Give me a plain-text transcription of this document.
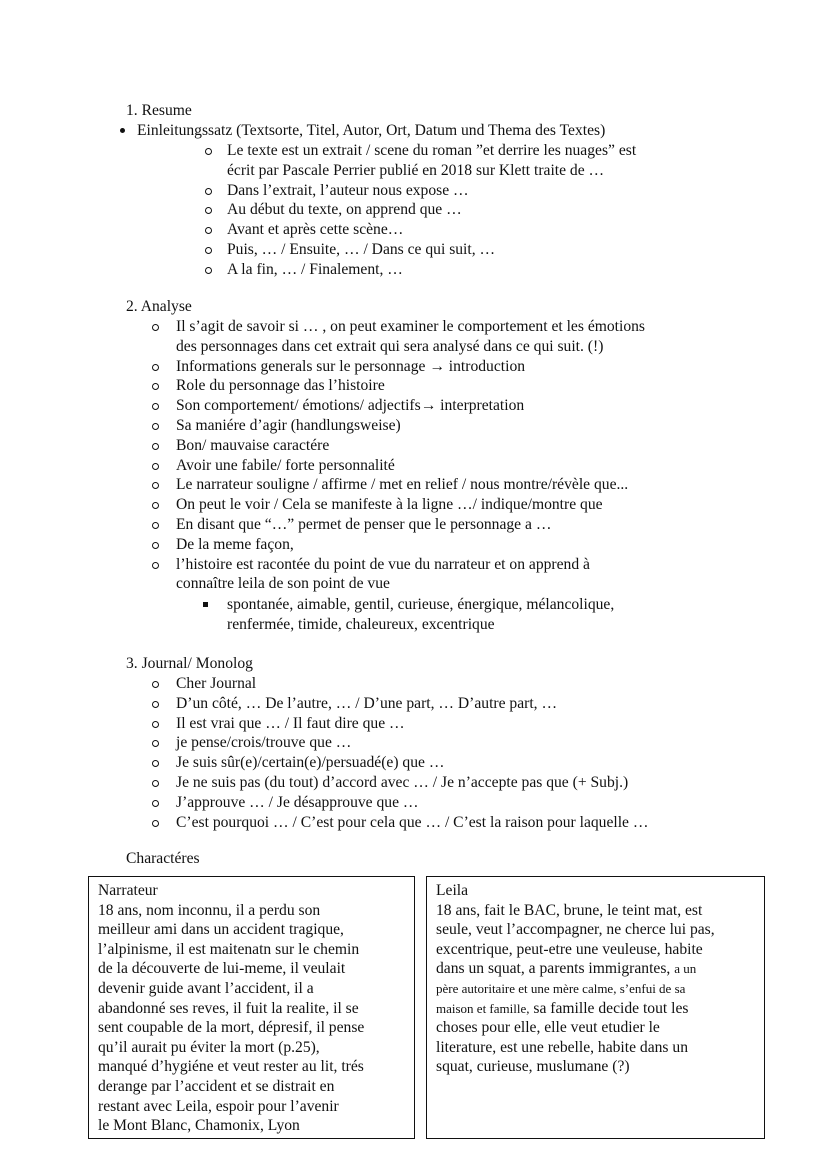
1. Resume
Einleitungssatz (Textsorte, Titel, Autor, Ort, Datum und Thema des Textes)
Le texte est un extrait / scene du roman ”et derrire les nuages” est
écrit par Pascale Perrier publié en 2018 sur Klett traite de …
Dans l’extrait, l’auteur nous expose …
Au début du texte, on apprend que …
Avant et après cette scène…
Puis, … / Ensuite, … / Dans ce qui suit, …
A la fin, … / Finalement, …
2. Analyse
Il s’agit de savoir si … , on peut examiner le comportement et les émotions
des personnages dans cet extrait qui sera analysé dans ce qui suit. (!)
Informations generals sur le personnage → introduction
Role du personnage das l’histoire
Son comportement/ émotions/ adjectifs→ interpretation
Sa maniére d’agir (handlungsweise)
Bon/ mauvaise caractére
Avoir une fabile/ forte personnalité
Le narrateur souligne / affirme / met en relief / nous montre/révèle que...
On peut le voir / Cela se manifeste à la ligne …/ indique/montre que
En disant que “…” permet de penser que le personnage a …
De la meme façon,
l’histoire est racontée du point de vue du narrateur et on apprend à
connaître leila de son point de vue
spontanée, aimable, gentil, curieuse, énergique, mélancolique,
renfermée, timide, chaleureux, excentrique
3. Journal/ Monolog
Cher Journal
D’un côté, … De l’autre, … / D’une part, … D’autre part, …
Il est vrai que … / Il faut dire que …
je pense/crois/trouve que …
Je suis sûr(e)/certain(e)/persuadé(e) que …
Je ne suis pas (du tout) d’accord avec … / Je n’accepte pas que (+ Subj.)
J’approuve … / Je désapprouve que …
C’est pourquoi … / C’est pour cela que … / C’est la raison pour laquelle …
Charactéres
Narrateur
18 ans, nom inconnu, il a perdu son
meilleur ami dans un accident tragique,
l’alpinisme, il est maitenatn sur le chemin
de la découverte de lui-meme, il veulait
devenir guide avant l’accident, il a
abandonné ses reves, il fuit la realite, il se
sent coupable de la mort, dépresif, il pense
qu’il aurait pu éviter la mort (p.25),
manqué d’hygiéne et veut rester au lit, trés
derange par l’accident et se distrait en
restant avec Leila, espoir pour l’avenir
le Mont Blanc, Chamonix, Lyon
Leila
18 ans, fait le BAC, brune, le teint mat, est
seule, veut l’accompagner, ne cherce lui pas,
excentrique, peut-etre une veuleuse, habite
dans un squat, a parents immigrantes, a un
père autoritaire et une mère calme, s’enfui de sa
maison et famille, sa famille decide tout les
choses pour elle, elle veut etudier le
literature, est une rebelle, habite dans un
squat, curieuse, muslumane (?)
